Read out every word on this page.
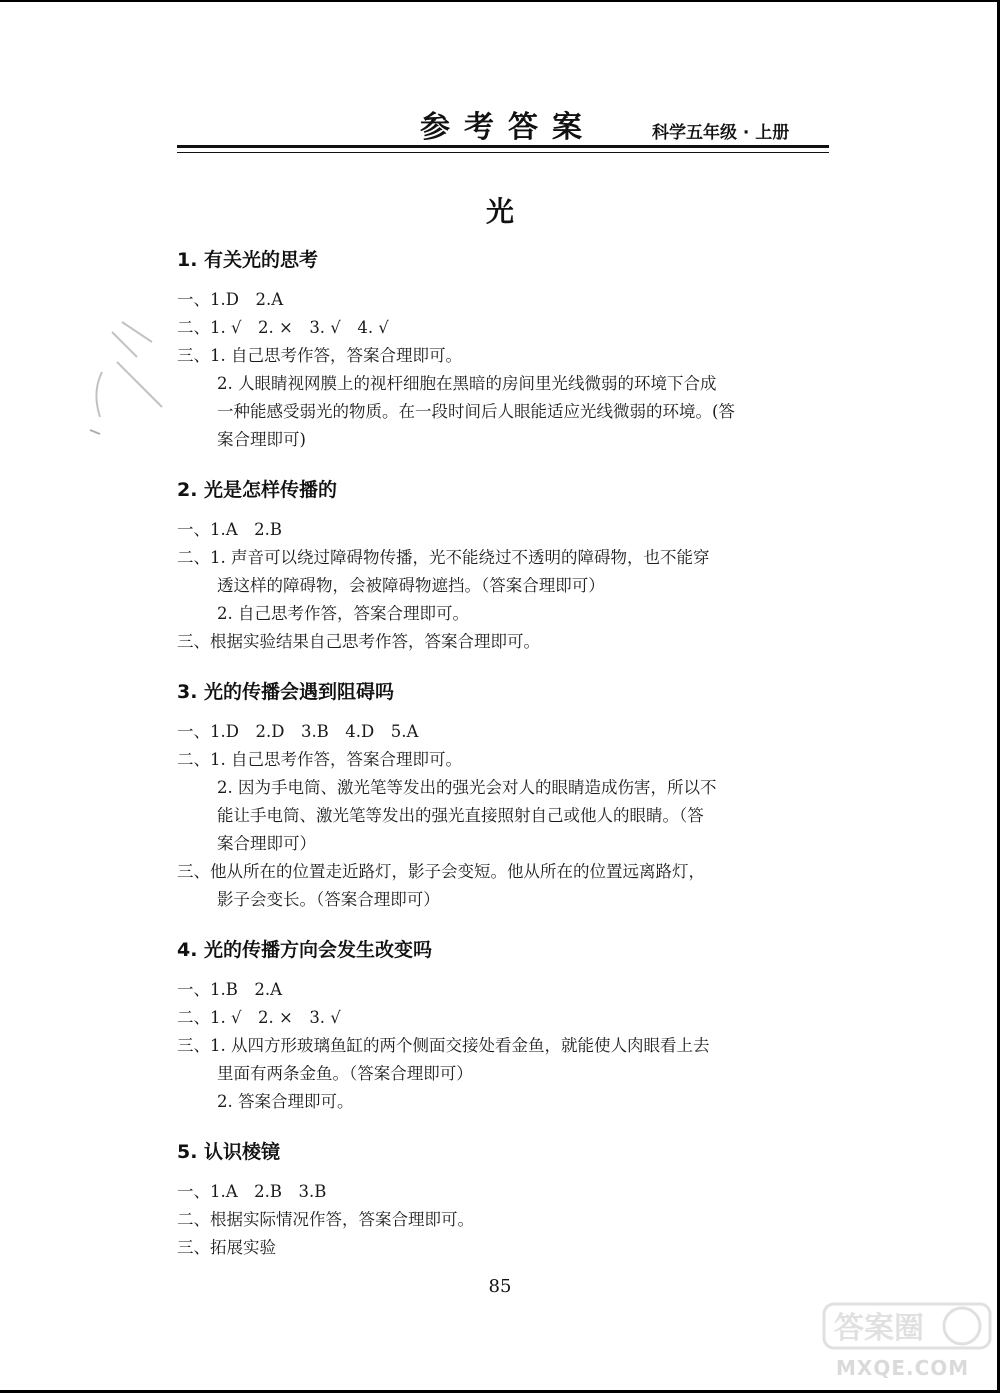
参考答案	科学五年级 · 上册
光

1. 有关光的思考

一、1.D　2.A

二、1. √　2. ×　3. √　4. √

三、1. 自己思考作答，答案合理即可。

2. 人眼睛视网膜上的视杆细胞在黑暗的房间里光线微弱的环境下合成

一种能感受弱光的物质。在一段时间后人眼能适应光线微弱的环境。(答

案合理即可)

2. 光是怎样传播的

一、1.A　2.B

二、1. 声音可以绕过障碍物传播，光不能绕过不透明的障碍物，也不能穿

透这样的障碍物，会被障碍物遮挡。（答案合理即可）

2. 自己思考作答，答案合理即可。

三、根据实验结果自己思考作答，答案合理即可。

3. 光的传播会遇到阻碍吗

一、1.D　2.D　3.B　4.D　5.A

二、1. 自己思考作答，答案合理即可。

2. 因为手电筒、激光笔等发出的强光会对人的眼睛造成伤害，所以不

能让手电筒、激光笔等发出的强光直接照射自己或他人的眼睛。（答

案合理即可）

三、他从所在的位置走近路灯，影子会变短。他从所在的位置远离路灯，

影子会变长。（答案合理即可）

4. 光的传播方向会发生改变吗

一、1.B　2.A

二、1. √　2. ×　3. √

三、1. 从四方形玻璃鱼缸的两个侧面交接处看金鱼，就能使人肉眼看上去

里面有两条金鱼。（答案合理即可）

2. 答案合理即可。

5. 认识棱镜

一、1.A　2.B　3.B

二、根据实际情况作答，答案合理即可。

三、拓展实验

85
答案圈
MXQE.COM
